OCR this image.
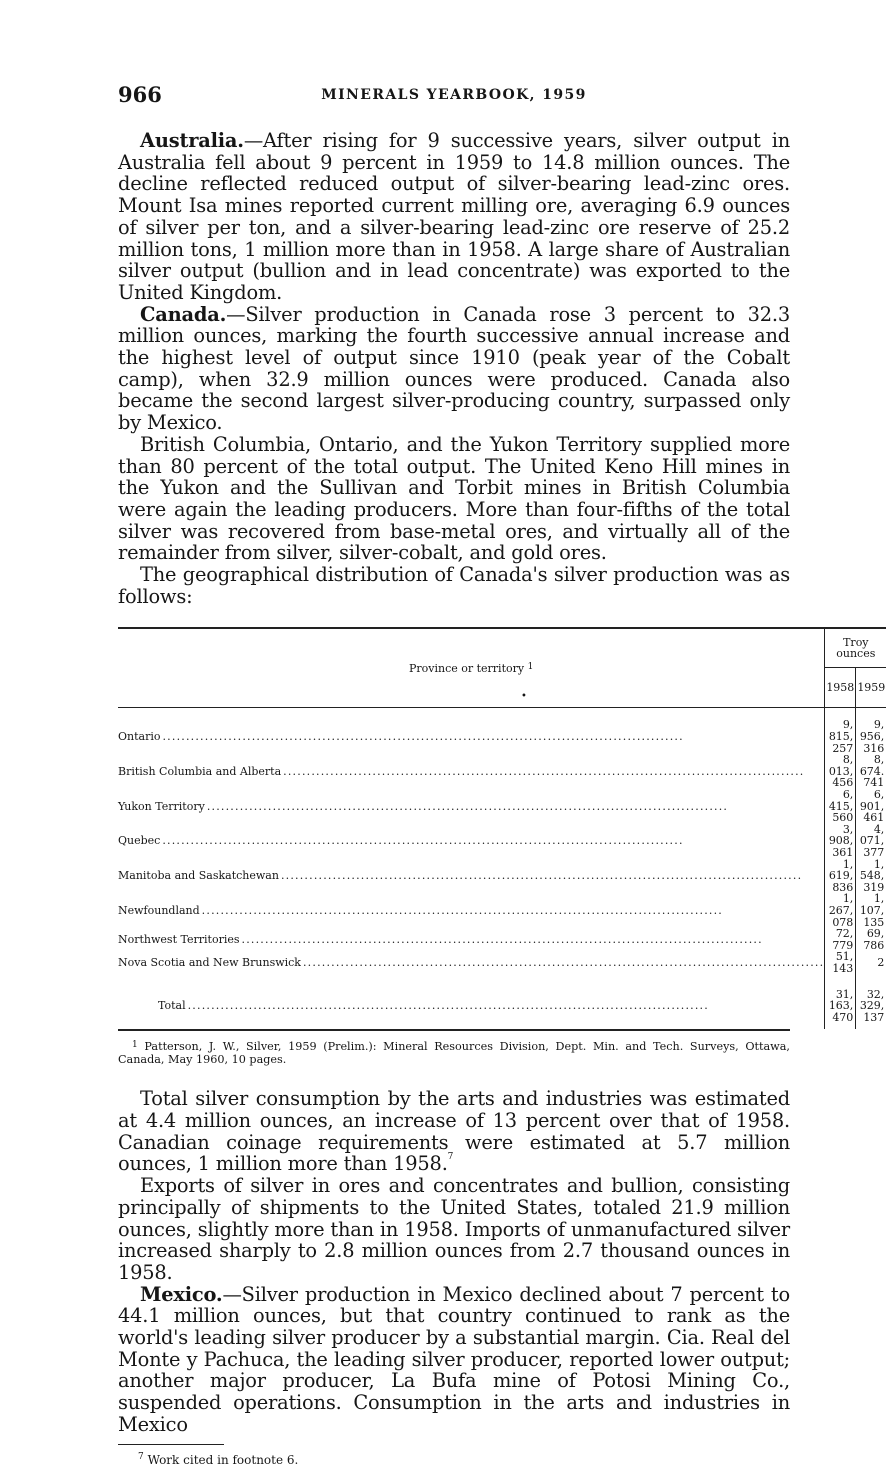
966	MINERALS YEARBOOK, 1959

Australia.—After rising for 9 successive years, silver output in Australia fell about 9 percent in 1959 to 14.8 million ounces. The decline reflected reduced output of silver-bearing lead-zinc ores. Mount Isa mines reported current milling ore, averaging 6.9 ounces of silver per ton, and a silver-bearing lead-zinc ore reserve of 25.2 million tons, 1 million more than in 1958. A large share of Australian silver output (bullion and in lead concentrate) was exported to the United Kingdom.

Canada.—Silver production in Canada rose 3 percent to 32.3 million ounces, marking the fourth successive annual increase and the highest level of output since 1910 (peak year of the Cobalt camp), when 32.9 million ounces were produced. Canada also became the second largest silver-producing country, surpassed only by Mexico.

British Columbia, Ontario, and the Yukon Territory supplied more than 80 percent of the total output. The United Keno Hill mines in the Yukon and the Sullivan and Torbit mines in British Columbia were again the leading producers. More than four-fifths of the total silver was recovered from base-metal ores, and virtually all of the remainder from silver, silver-cobalt, and gold ores.

The geographical distribution of Canada's silver production was as follows:

•
Province or territory $^1$	Troy ounces	
	1958	1959
Ontario ...............................................................................................................	9, 815, 257	9, 956, 316
British Columbia and Alberta ...............................................................................................................	8, 013, 456	8, 674. 741
Yukon Territory ...............................................................................................................	6, 415, 560	6, 901, 461
Quebec ...............................................................................................................	3, 908, 361	4, 071, 377
Manitoba and Saskatchewan ...............................................................................................................	1, 619, 836	1, 548, 319
Newfoundland ...............................................................................................................	1, 267, 078	1, 107, 135
Northwest Territories ...............................................................................................................	72, 779	69, 786
Nova Scotia and New Brunswick ...............................................................................................................	51, 143	2
Total ...............................................................................................................	31, 163, 470	32, 329, 137
$^1$ Patterson, J. W., Silver, 1959 (Prelim.): Mineral Resources Division, Dept. Min. and Tech. Surveys, Ottawa, Canada, May 1960, 10 pages.

Total silver consumption by the arts and industries was estimated at 4.4 million ounces, an increase of 13 percent over that of 1958. Canadian coinage requirements were estimated at 5.7 million ounces, 1 million more than 1958.$^7$

Exports of silver in ores and concentrates and bullion, consisting principally of shipments to the United States, totaled 21.9 million ounces, slightly more than in 1958. Imports of unmanufactured silver increased sharply to 2.8 million ounces from 2.7 thousand ounces in 1958.

Mexico.—Silver production in Mexico declined about 7 percent to 44.1 million ounces, but that country continued to rank as the world's leading silver producer by a substantial margin. Cia. Real del Monte y Pachuca, the leading silver producer, reported lower output; another major producer, La Bufa mine of Potosi Mining Co., suspended operations. Consumption in the arts and industries in Mexico

$^7$ Work cited in footnote 6.
